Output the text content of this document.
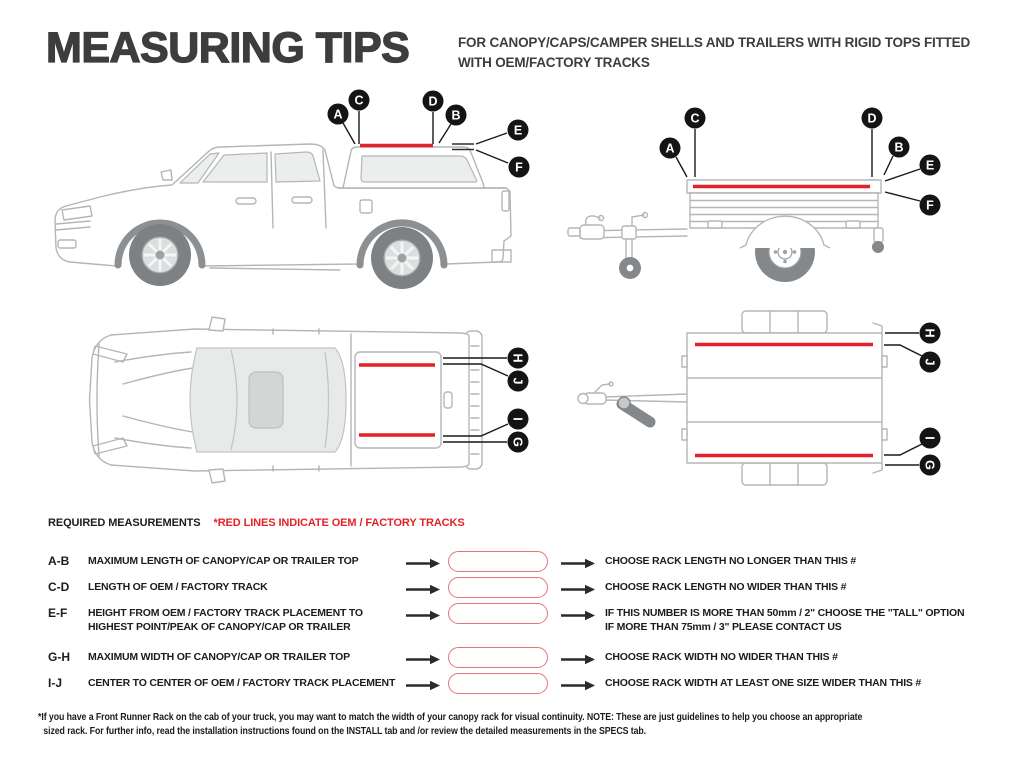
MEASURING TIPS	FOR CANOPY/CAPS/CAMPER SHELLS AND TRAILERS WITH RIGID TOPS FITTED
WITH OEM/FACTORY TRACKS
A
C	D
B
E
F
C	D
A	B
E
F
H
J
I
G
H
J
I
G
REQUIRED MEASUREMENTS *RED LINES INDICATE OEM / FACTORY TRACKS
A-B	MAXIMUM LENGTH OF CANOPY/CAP OR TRAILER TOP	CHOOSE RACK LENGTH NO LONGER THAN THIS #
C-D	LENGTH OF OEM / FACTORY TRACK	CHOOSE RACK LENGTH NO WIDER THAN THIS #
E-F	HEIGHT FROM OEM / FACTORY TRACK PLACEMENT TO
HIGHEST POINT/PEAK OF CANOPY/CAP OR TRAILER
IF THIS NUMBER IS MORE THAN 50mm / 2" CHOOSE THE "TALL" OPTION
IF MORE THAN 75mm / 3" PLEASE CONTACT US
G-H	MAXIMUM WIDTH OF CANOPY/CAP OR TRAILER TOP	CHOOSE RACK WIDTH NO WIDER THAN THIS #
I-J	CENTER TO CENTER OF OEM / FACTORY TRACK PLACEMENT	CHOOSE RACK WIDTH AT LEAST ONE SIZE WIDER THAN THIS #
*If you have a Front Runner Rack on the cab of your truck, you may want to match the width of your canopy rack for visual continuity. NOTE: These are just guidelines to help you choose an appropriate
sized rack. For further info, read the installation instructions found on the INSTALL tab and /or review the detailed measurements in the SPECS tab.
